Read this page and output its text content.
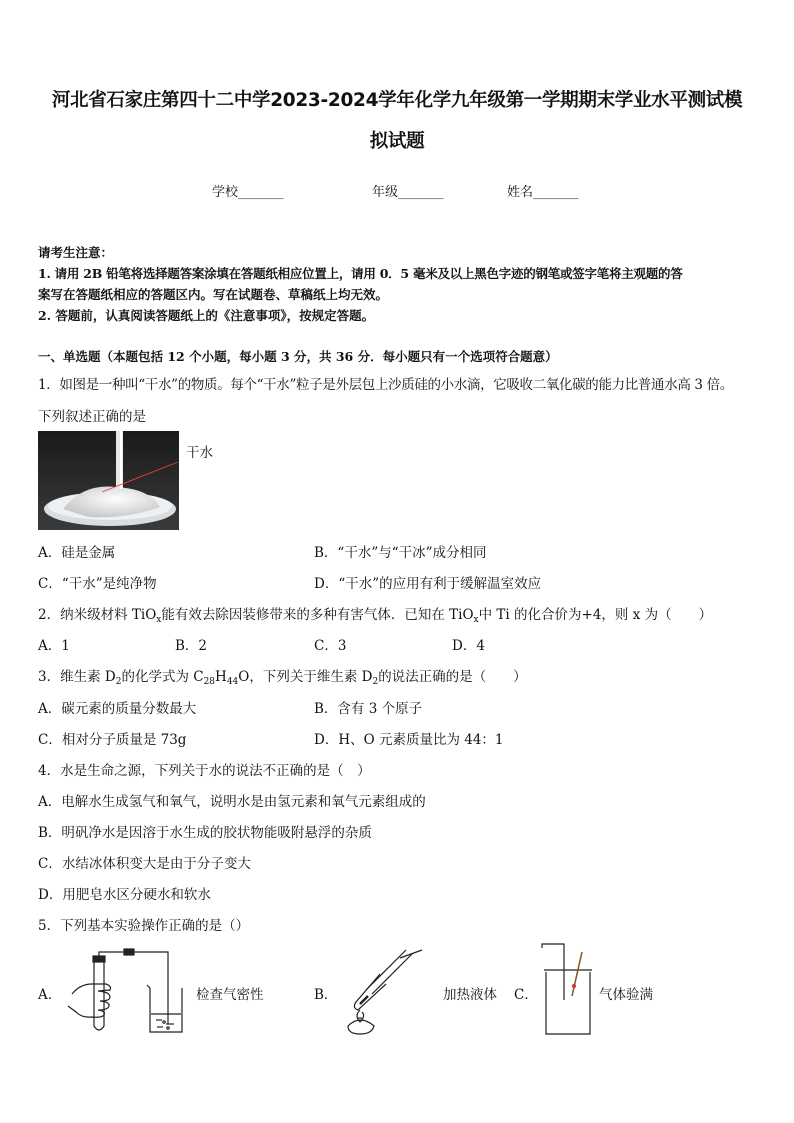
河北省石家庄第四十二中学2023-2024学年化学九年级第一学期期末学业水平测试模
拟试题
学校_______	年级_______	姓名_______
请考生注意：
1. 请用 2B 铅笔将选择题答案涂填在答题纸相应位置上，请用 0．5 毫米及以上黑色字迹的钢笔或签字笔将主观题的答
案写在答题纸相应的答题区内。写在试题卷、草稿纸上均无效。
2. 答题前，认真阅读答题纸上的《注意事项》，按规定答题。
一、单选题（本题包括 12 个小题，每小题 3 分，共 36 分．每小题只有一个选项符合题意）
1．如图是一种叫“干水”的物质。每个“干水”粒子是外层包上沙质硅的小水滴，它吸收二氧化碳的能力比普通水高 3 倍。
下列叙述正确的是
干水
A．硅是金属	B．“干水”与“干冰”成分相同
C．“干水”是纯净物	D．“干水”的应用有利于缓解温室效应
2．纳米级材料 TiO$_x$能有效去除因装修带来的多种有害气体．已知在 TiO$_x$中 Ti 的化合价为+4，则 x 为（　　）
A．1	B．2	C．3	D．4
3．维生素 $D_2$的化学式为 $C_{28}H_{44}O$，下列关于维生素 $D_2$的说法正确的是（　　）
A．碳元素的质量分数最大	B．含有 3 个原子
C．相对分子质量是 73g	D．H、O 元素质量比为 44：1
4．水是生命之源，下列关于水的说法不正确的是（　）
A．电解水生成氢气和氧气，说明水是由氢元素和氧气元素组成的
B．明矾净水是因溶于水生成的胶状物能吸附悬浮的杂质
C．水结冰体积变大是由于分子变大
D．用肥皂水区分硬水和软水
5．下列基本实验操作正确的是（）
A．	检查气密性	B．	加热液体 C．	气体验满
